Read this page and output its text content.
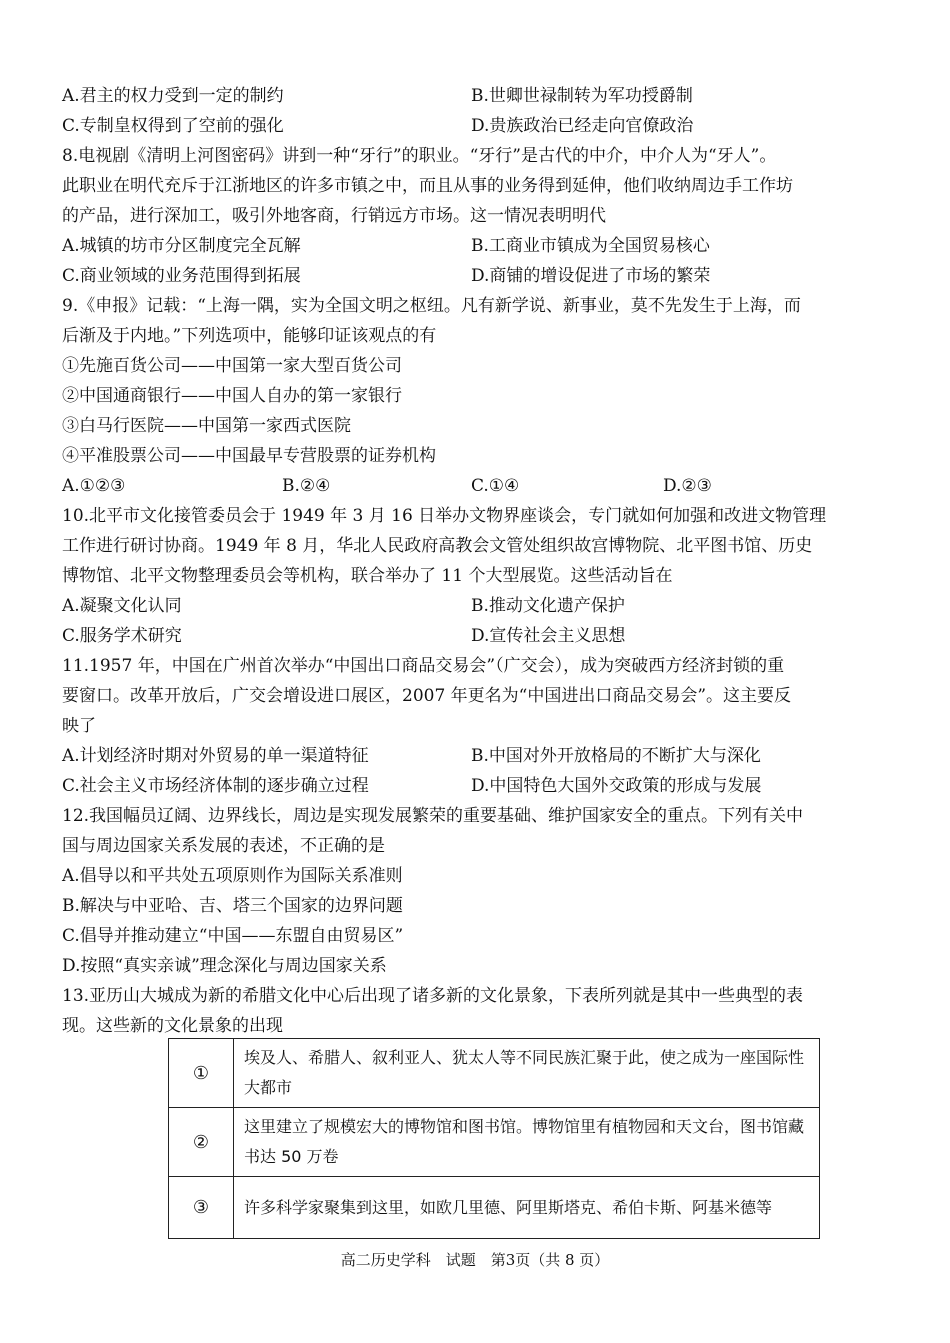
A.君主的权力受到一定的制约	B.世卿世禄制转为军功授爵制
C.专制皇权得到了空前的强化	D.贵族政治已经走向官僚政治
8.电视剧《清明上河图密码》讲到一种“牙行”的职业。“牙行”是古代的中介，中介人为“牙人”。
此职业在明代充斥于江浙地区的许多市镇之中，而且从事的业务得到延伸，他们收纳周边手工作坊
的产品，进行深加工，吸引外地客商，行销远方市场。这一情况表明明代
A.城镇的坊市分区制度完全瓦解	B.工商业市镇成为全国贸易核心
C.商业领域的业务范围得到拓展	D.商铺的增设促进了市场的繁荣
9.《申报》记载：“上海一隅，实为全国文明之枢纽。凡有新学说、新事业，莫不先发生于上海，而
后渐及于内地。”下列选项中，能够印证该观点的有
①先施百货公司——中国第一家大型百货公司
②中国通商银行——中国人自办的第一家银行
③白马行医院——中国第一家西式医院
④平准股票公司——中国最早专营股票的证券机构
A.①②③	B.②④	C.①④	D.②③
10.北平市文化接管委员会于 1949 年 3 月 16 日举办文物界座谈会，专门就如何加强和改进文物管理
工作进行研讨协商。1949 年 8 月，华北人民政府高教会文管处组织故宫博物院、北平图书馆、历史
博物馆、北平文物整理委员会等机构，联合举办了 11 个大型展览。这些活动旨在
A.凝聚文化认同	B.推动文化遗产保护
C.服务学术研究	D.宣传社会主义思想
11.1957 年，中国在广州首次举办“中国出口商品交易会”（广交会），成为突破西方经济封锁的重
要窗口。改革开放后，广交会增设进口展区，2007 年更名为“中国进出口商品交易会”。这主要反
映了
A.计划经济时期对外贸易的单一渠道特征	B.中国对外开放格局的不断扩大与深化
C.社会主义市场经济体制的逐步确立过程	D.中国特色大国外交政策的形成与发展
12.我国幅员辽阔、边界线长，周边是实现发展繁荣的重要基础、维护国家安全的重点。下列有关中
国与周边国家关系发展的表述，不正确的是
A.倡导以和平共处五项原则作为国际关系准则
B.解决与中亚哈、吉、塔三个国家的边界问题
C.倡导并推动建立“中国——东盟自由贸易区”
D.按照“真实亲诚”理念深化与周边国家关系
13.亚历山大城成为新的希腊文化中心后出现了诸多新的文化景象，下表所列就是其中一些典型的表
现。这些新的文化景象的出现
①	埃及人、希腊人、叙利亚人、犹太人等不同民族汇聚于此，使之成为一座国际性大都市
②	这里建立了规模宏大的博物馆和图书馆。博物馆里有植物园和天文台，图书馆藏书达 50 万卷
③	许多科学家聚集到这里，如欧几里德、阿里斯塔克、希伯卡斯、阿基米德等
高二历史学科　试题　第3页（共 8 页）
